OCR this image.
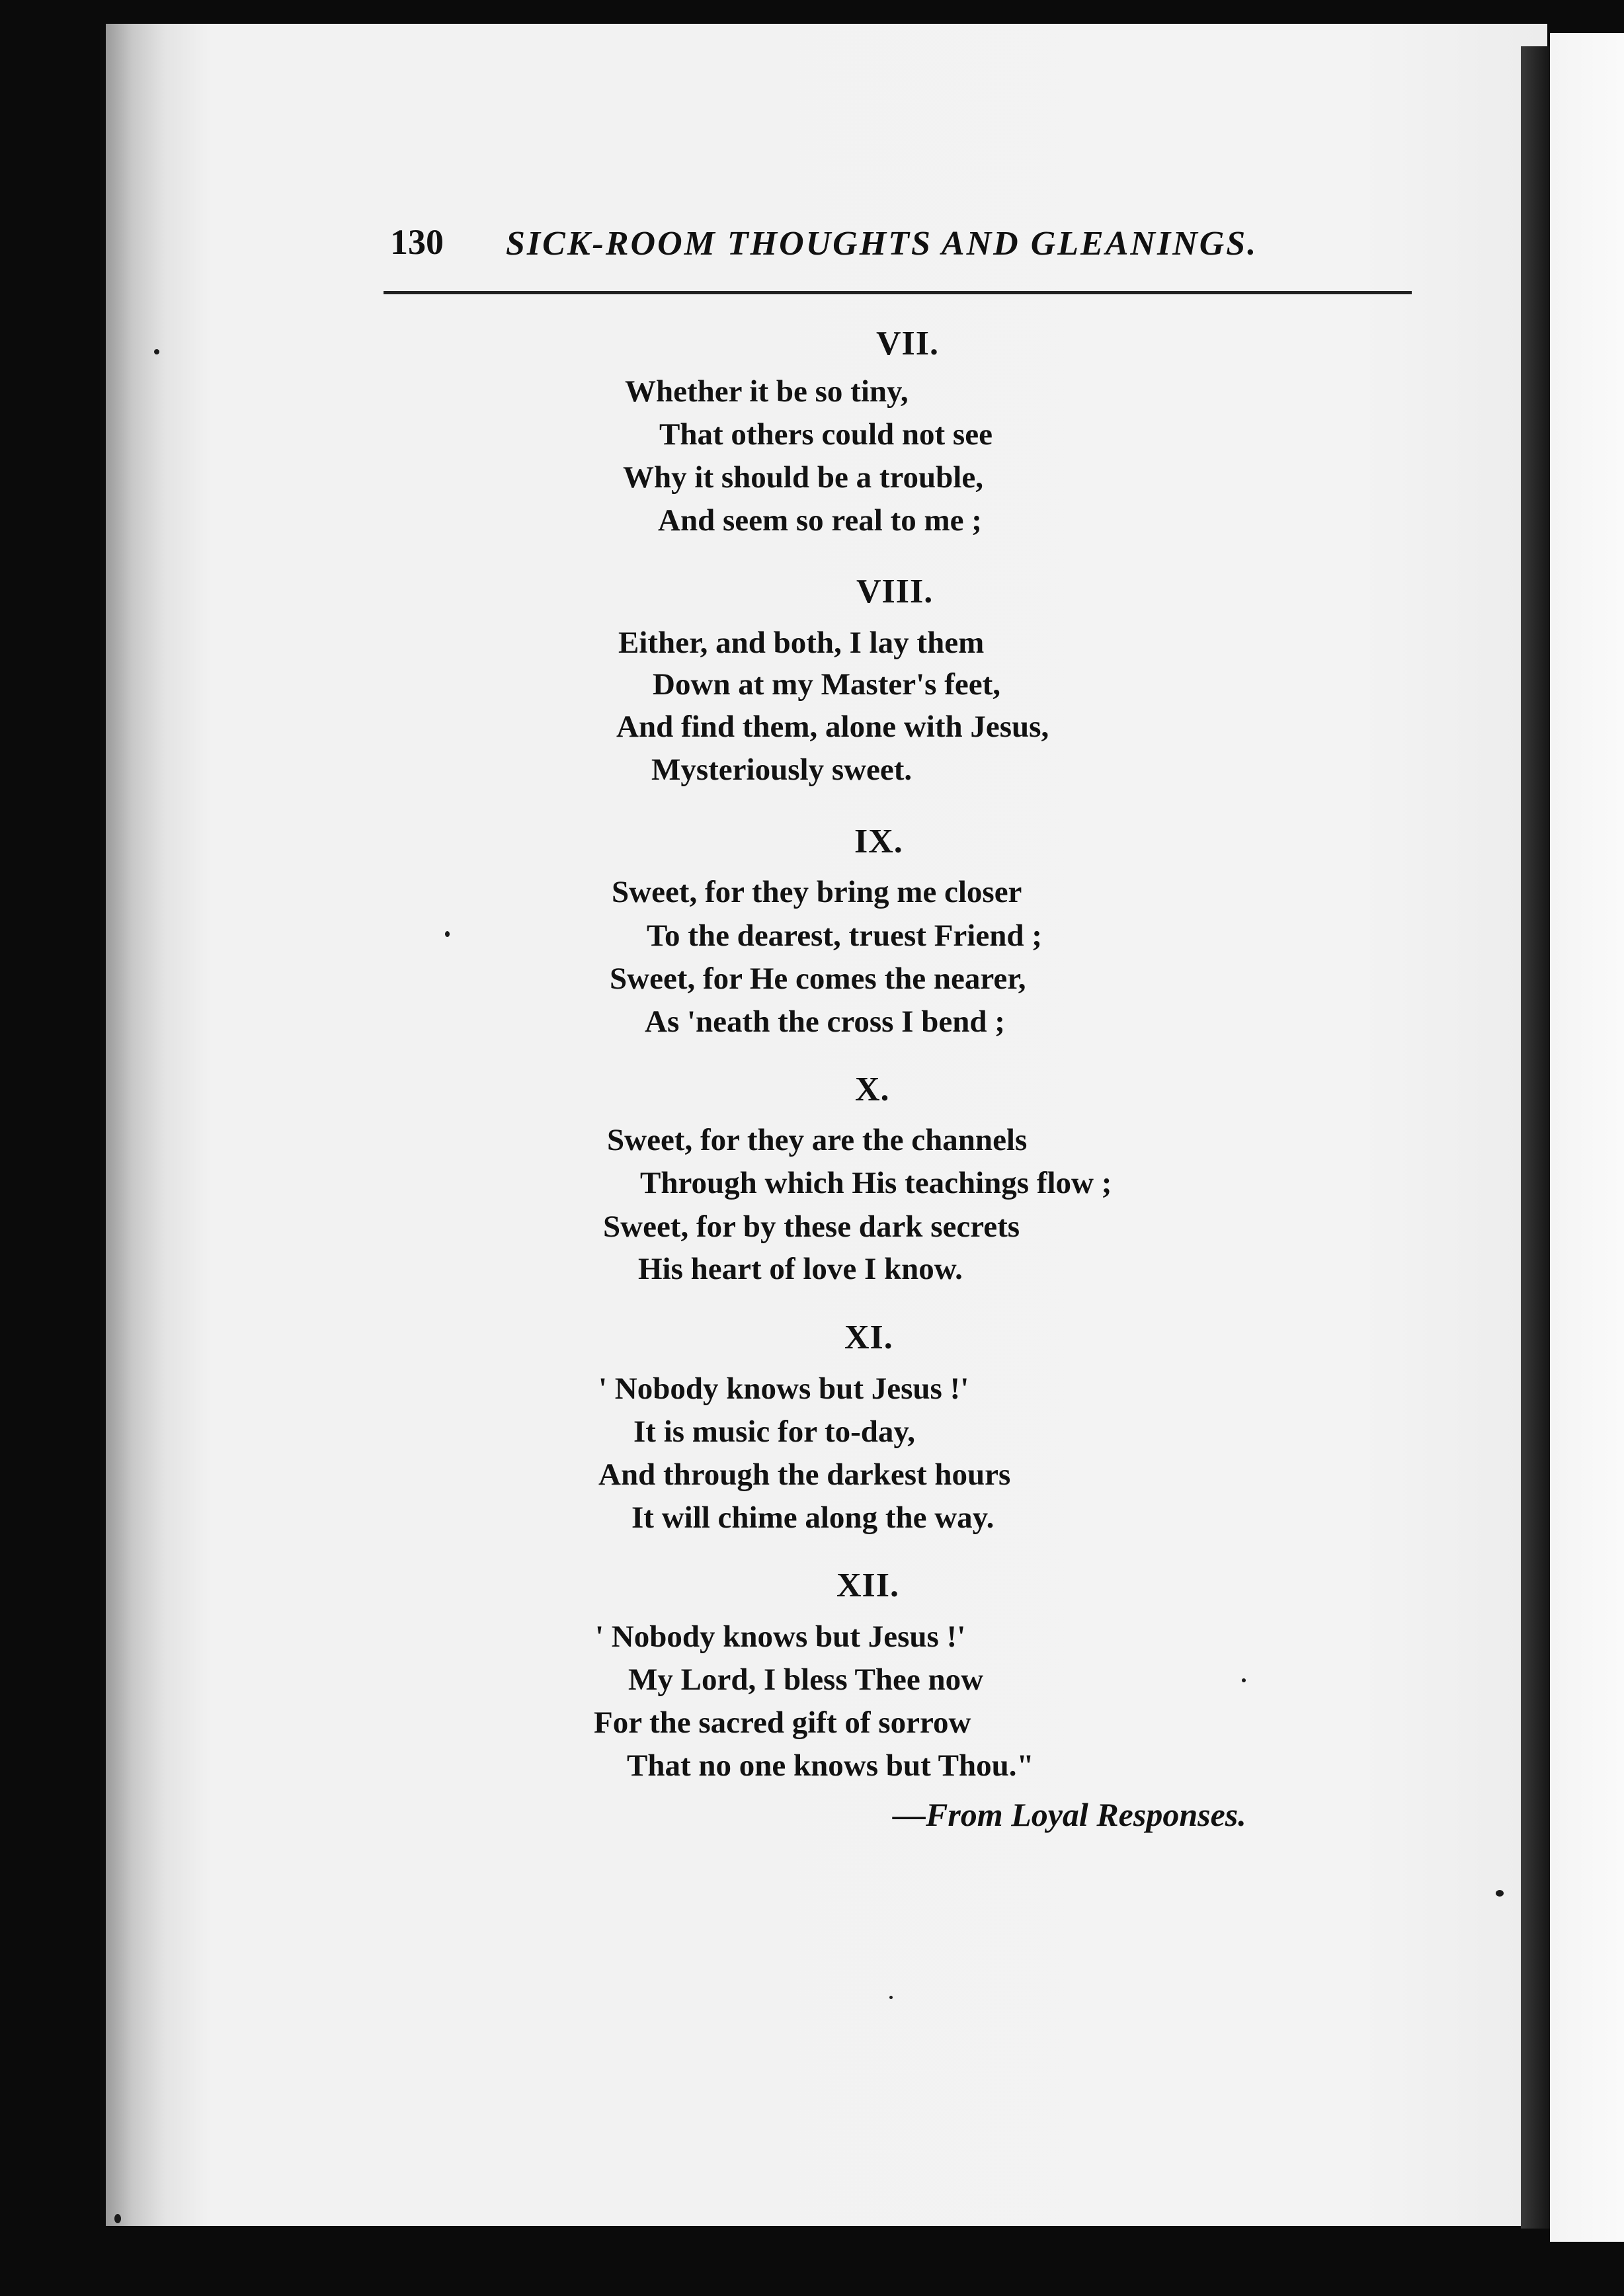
130 SICK-ROOM THOUGHTS AND GLEANINGS.
VII.
Whether it be so tiny,
That others could not see
Why it should be a trouble,
And seem so real to me ;
VIII.
Either, and both, I lay them
Down at my Master's feet,
And find them, alone with Jesus,
Mysteriously sweet.
IX.
Sweet, for they bring me closer
To the dearest, truest Friend ;
Sweet, for He comes the nearer,
As 'neath the cross I bend ;
X.
Sweet, for they are the channels
Through which His teachings flow ;
Sweet, for by these dark secrets
His heart of love I know.
XI.
' Nobody knows but Jesus !'
It is music for to-day,
And through the darkest hours
It will chime along the way.
XII.
' Nobody knows but Jesus !'
My Lord, I bless Thee now
For the sacred gift of sorrow
That no one knows but Thou."
—From Loyal Responses.
